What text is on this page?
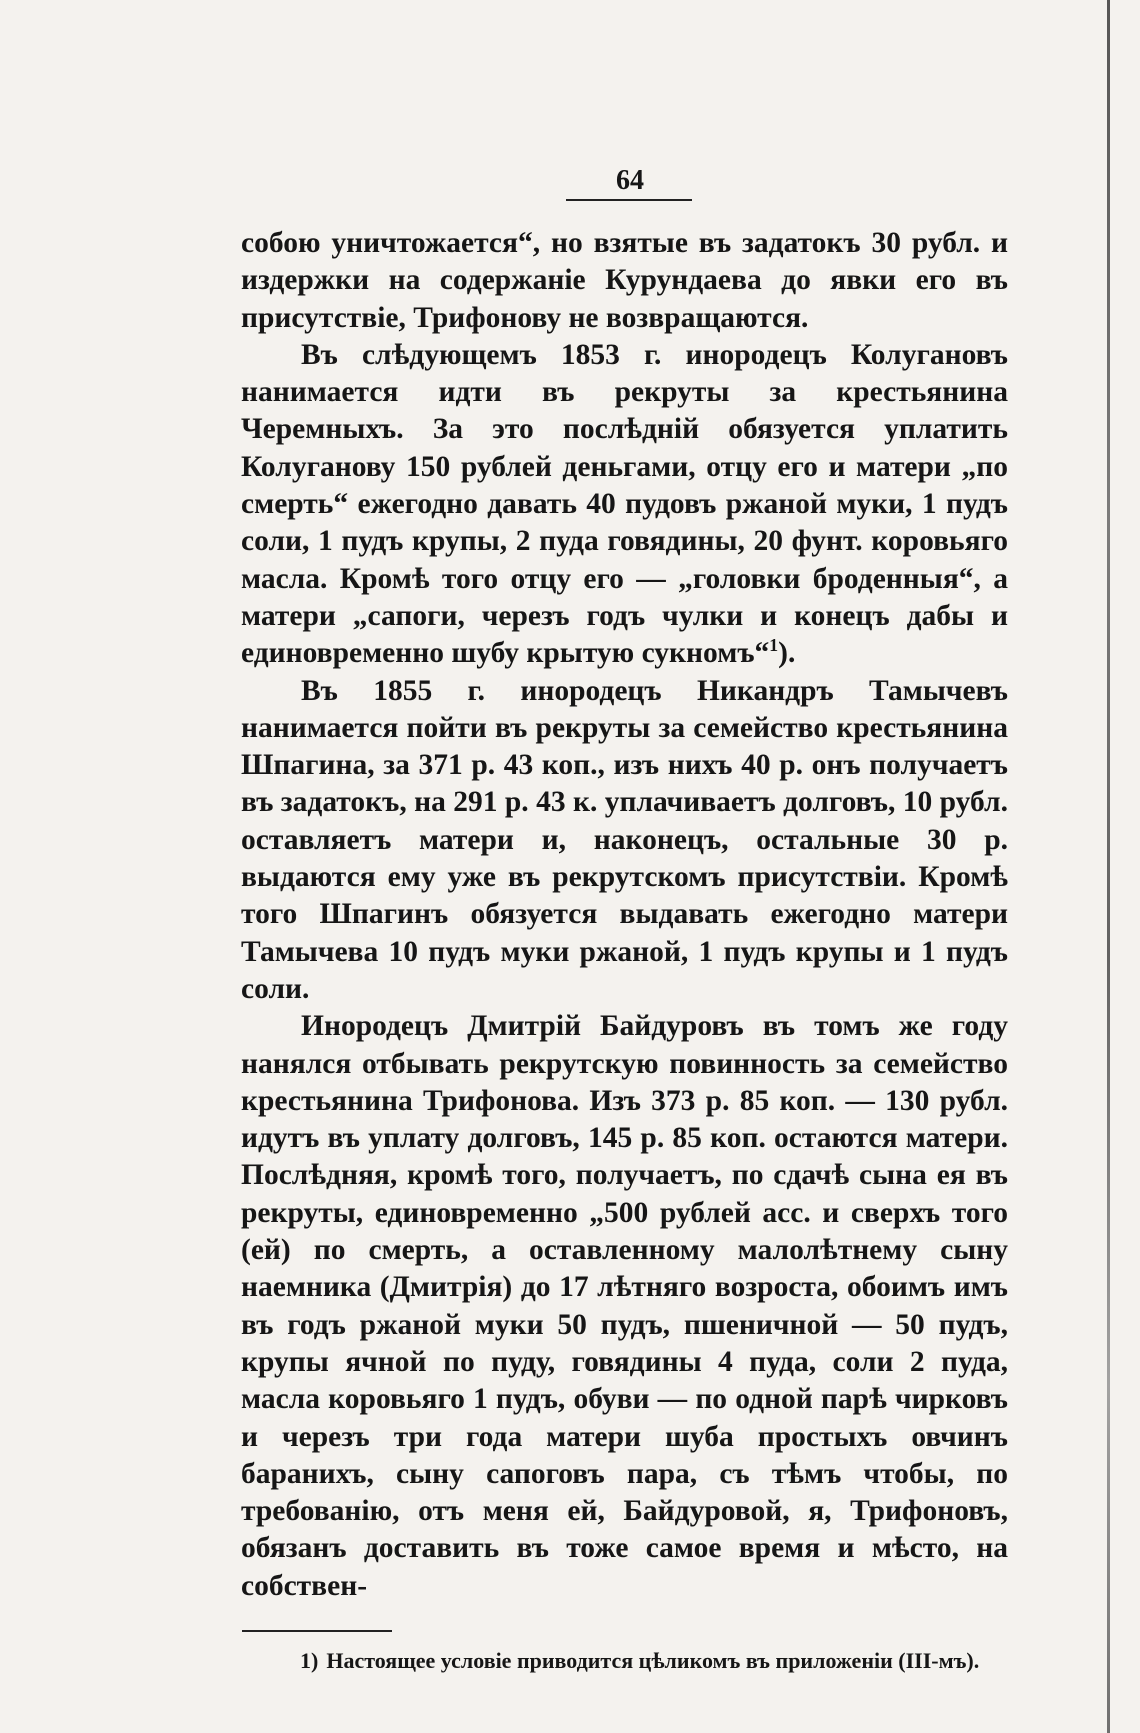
64

собою уничтожается“, но взятые въ задатокъ 30 рубл. и издержки на содержаніе Курундаева до явки его въ присутствіе, Трифонову не возвращаются.

Въ слѣдующемъ 1853 г. инородецъ Колугановъ нанимается идти въ рекруты за крестьянина Черемныхъ. За это послѣдній обязуется уплатить Колуганову 150 рублей деньгами, отцу его и матери „по смерть“ ежегодно давать 40 пудовъ ржаной муки, 1 пудъ соли, 1 пудъ крупы, 2 пуда говядины, 20 фунт. коровьяго масла. Кромѣ того отцу его — „головки броденныя“, а матери „сапоги, черезъ годъ чулки и конецъ дабы и единовременно шубу крытую сукномъ“$^1$).

Въ 1855 г. инородецъ Никандръ Тамычевъ нанимается пойти въ рекруты за семейство крестьянина Шпагина, за 371 р. 43 коп., изъ нихъ 40 р. онъ получаетъ въ задатокъ, на 291 р. 43 к. уплачиваетъ долговъ, 10 рубл. оставляетъ матери и, наконецъ, остальные 30 р. выдаются ему уже въ рекрутскомъ присутствіи. Кромѣ того Шпагинъ обязуется выдавать ежегодно матери Тамычева 10 пудъ муки ржаной, 1 пудъ крупы и 1 пудъ соли.

Инородецъ Дмитрій Байдуровъ въ томъ же году нанялся отбывать рекрутскую повинность за семейство крестьянина Трифонова. Изъ 373 р. 85 коп. — 130 рубл. идутъ въ уплату долговъ, 145 р. 85 коп. остаются матери. Послѣдняя, кромѣ того, получаетъ, по сдачѣ сына ея въ рекруты, единовременно „500 рублей асс. и сверхъ того (ей) по смерть, а оставленному малолѣтнему сыну наемника (Дмитрія) до 17 лѣтняго возроста, обоимъ имъ въ годъ ржаной муки 50 пудъ, пшеничной — 50 пудъ, крупы ячной по пуду, говядины 4 пуда, соли 2 пуда, масла коровьяго 1 пудъ, обуви — по одной парѣ чирковъ и черезъ три года матери шуба простыхъ овчинъ баранихъ, сыну сапоговъ пара, съ тѣмъ чтобы, по требованію, отъ меня ей, Байдуровой, я, Трифоновъ, обязанъ доставить въ тоже самое время и мѣсто, на собствен-

1) Настоящее условіе приводится цѣликомъ въ приложеніи (III-мъ).
